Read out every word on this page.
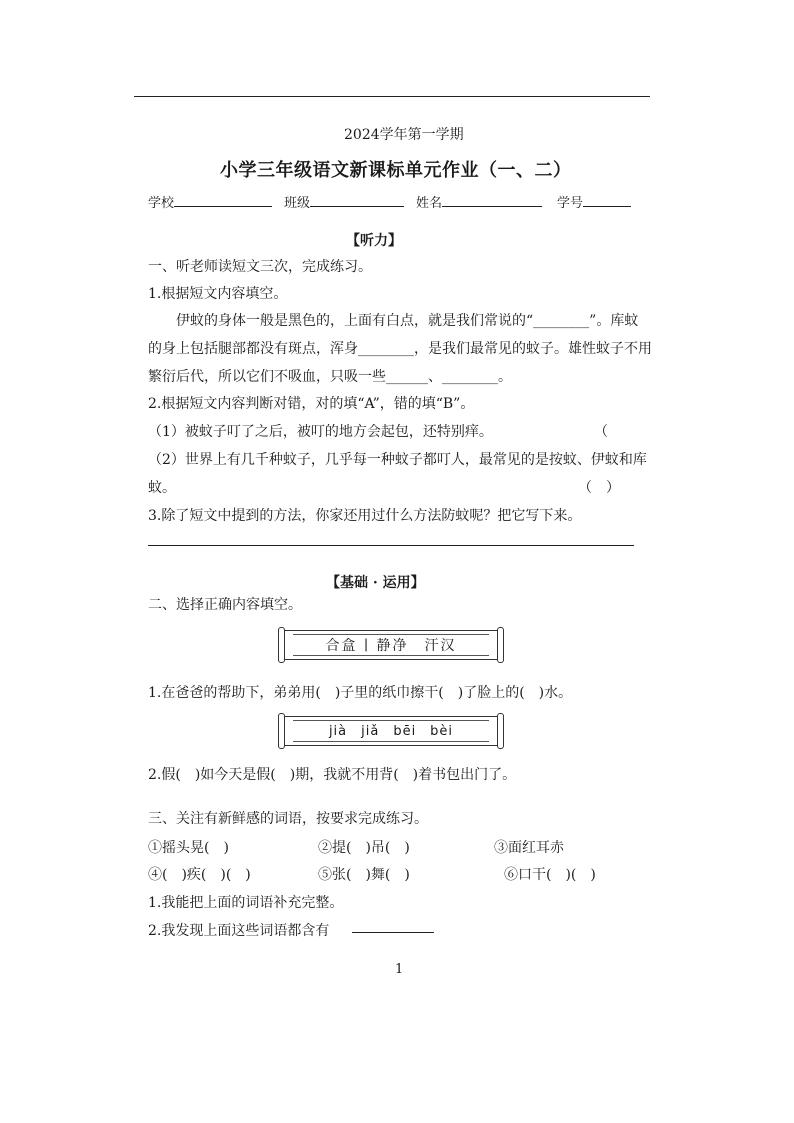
2024学年第一学期
小学三年级语文新课标单元作业（一、二）
学校	班级	姓名	学号
【听力】
一、听老师读短文三次，完成练习。
1.根据短文内容填空。
伊蚊的身体一般是黑色的，上面有白点，就是我们常说的“________”。库蚊
的身上包括腿部都没有斑点，浑身________，是我们最常见的蚊子。雄性蚊子不用
繁衍后代，所以它们不吸血，只吸一些______、________。
2.根据短文内容判断对错，对的填“A”，错的填“B”。
（1）被蚊子叮了之后，被叮的地方会起包，还特别痒。	（
（2）世界上有几千种蚊子，几乎每一种蚊子都叮人，最常见的是按蚊、伊蚊和库
蚊。	（　）
3.除了短文中提到的方法，你家还用过什么方法防蚊呢？把它写下来。
【基础 · 运用】
二、选择正确内容填空。
合盒 ∣ 静净　汗汉
1.在爸爸的帮助下，弟弟用(　)子里的纸巾擦干(　)了脸上的(　)水。
jià　jiǎ　bēi　bèi
2.假(　)如今天是假(　)期，我就不用背(　)着书包出门了。
三、关注有新鲜感的词语，按要求完成练习。
①摇头晃(　)	②提(　)吊(　)	③面红耳赤
④(　)疾(　)(　)	⑤张(　)舞(　)	⑥口干(　)(　)
1.我能把上面的词语补充完整。
2.我发现上面这些词语都含有
1
